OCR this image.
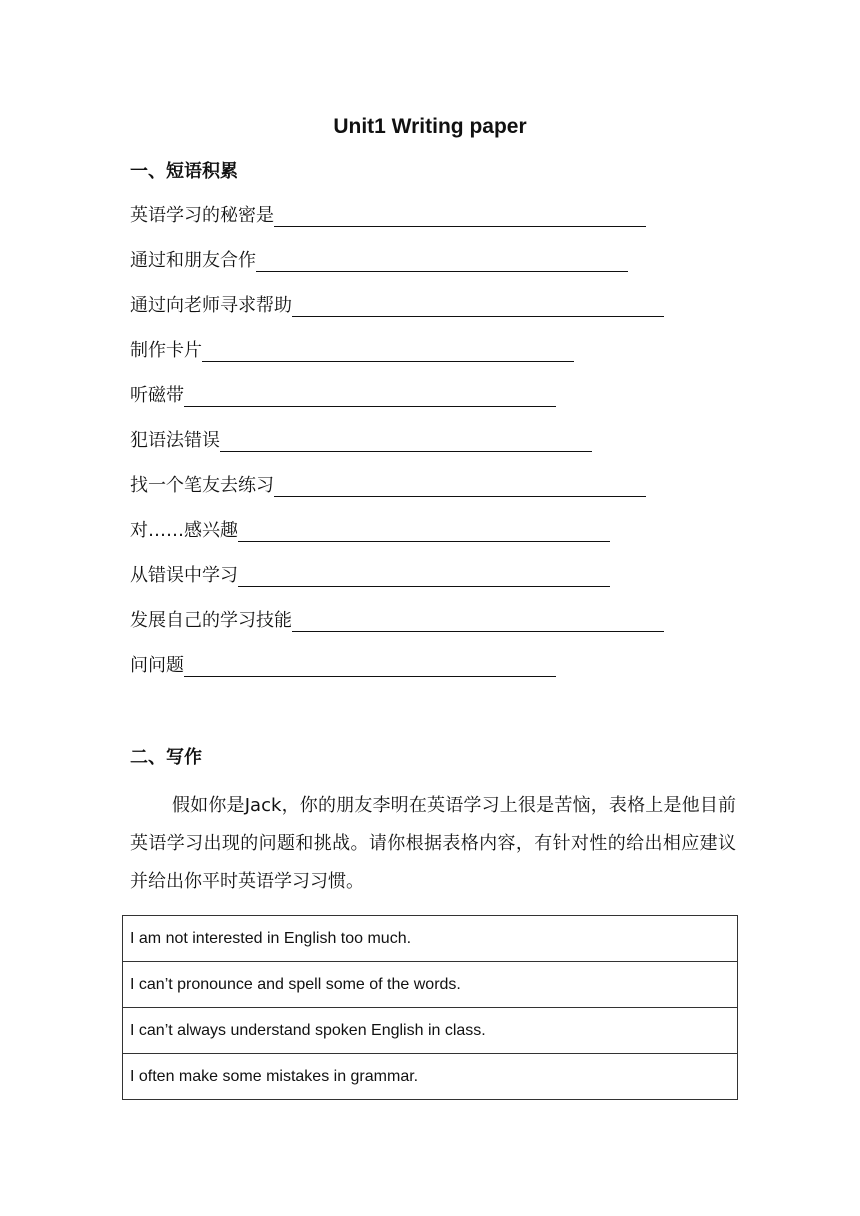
Unit1 Writing paper
一、短语积累
英语学习的秘密是
通过和朋友合作
通过向老师寻求帮助
制作卡片
听磁带
犯语法错误
找一个笔友去练习
对……感兴趣
从错误中学习
发展自己的学习技能
问问题
二、写作

假如你是Jack，你的朋友李明在英语学习上很是苦恼，表格上是他目前英语学习出现的问题和挑战。请你根据表格内容，有针对性的给出相应建议并给出你平时英语学习习惯。

I am not interested in English too much.
I can’t pronounce and spell some of the words.
I can’t always understand spoken English in class.
I often make some mistakes in grammar.
